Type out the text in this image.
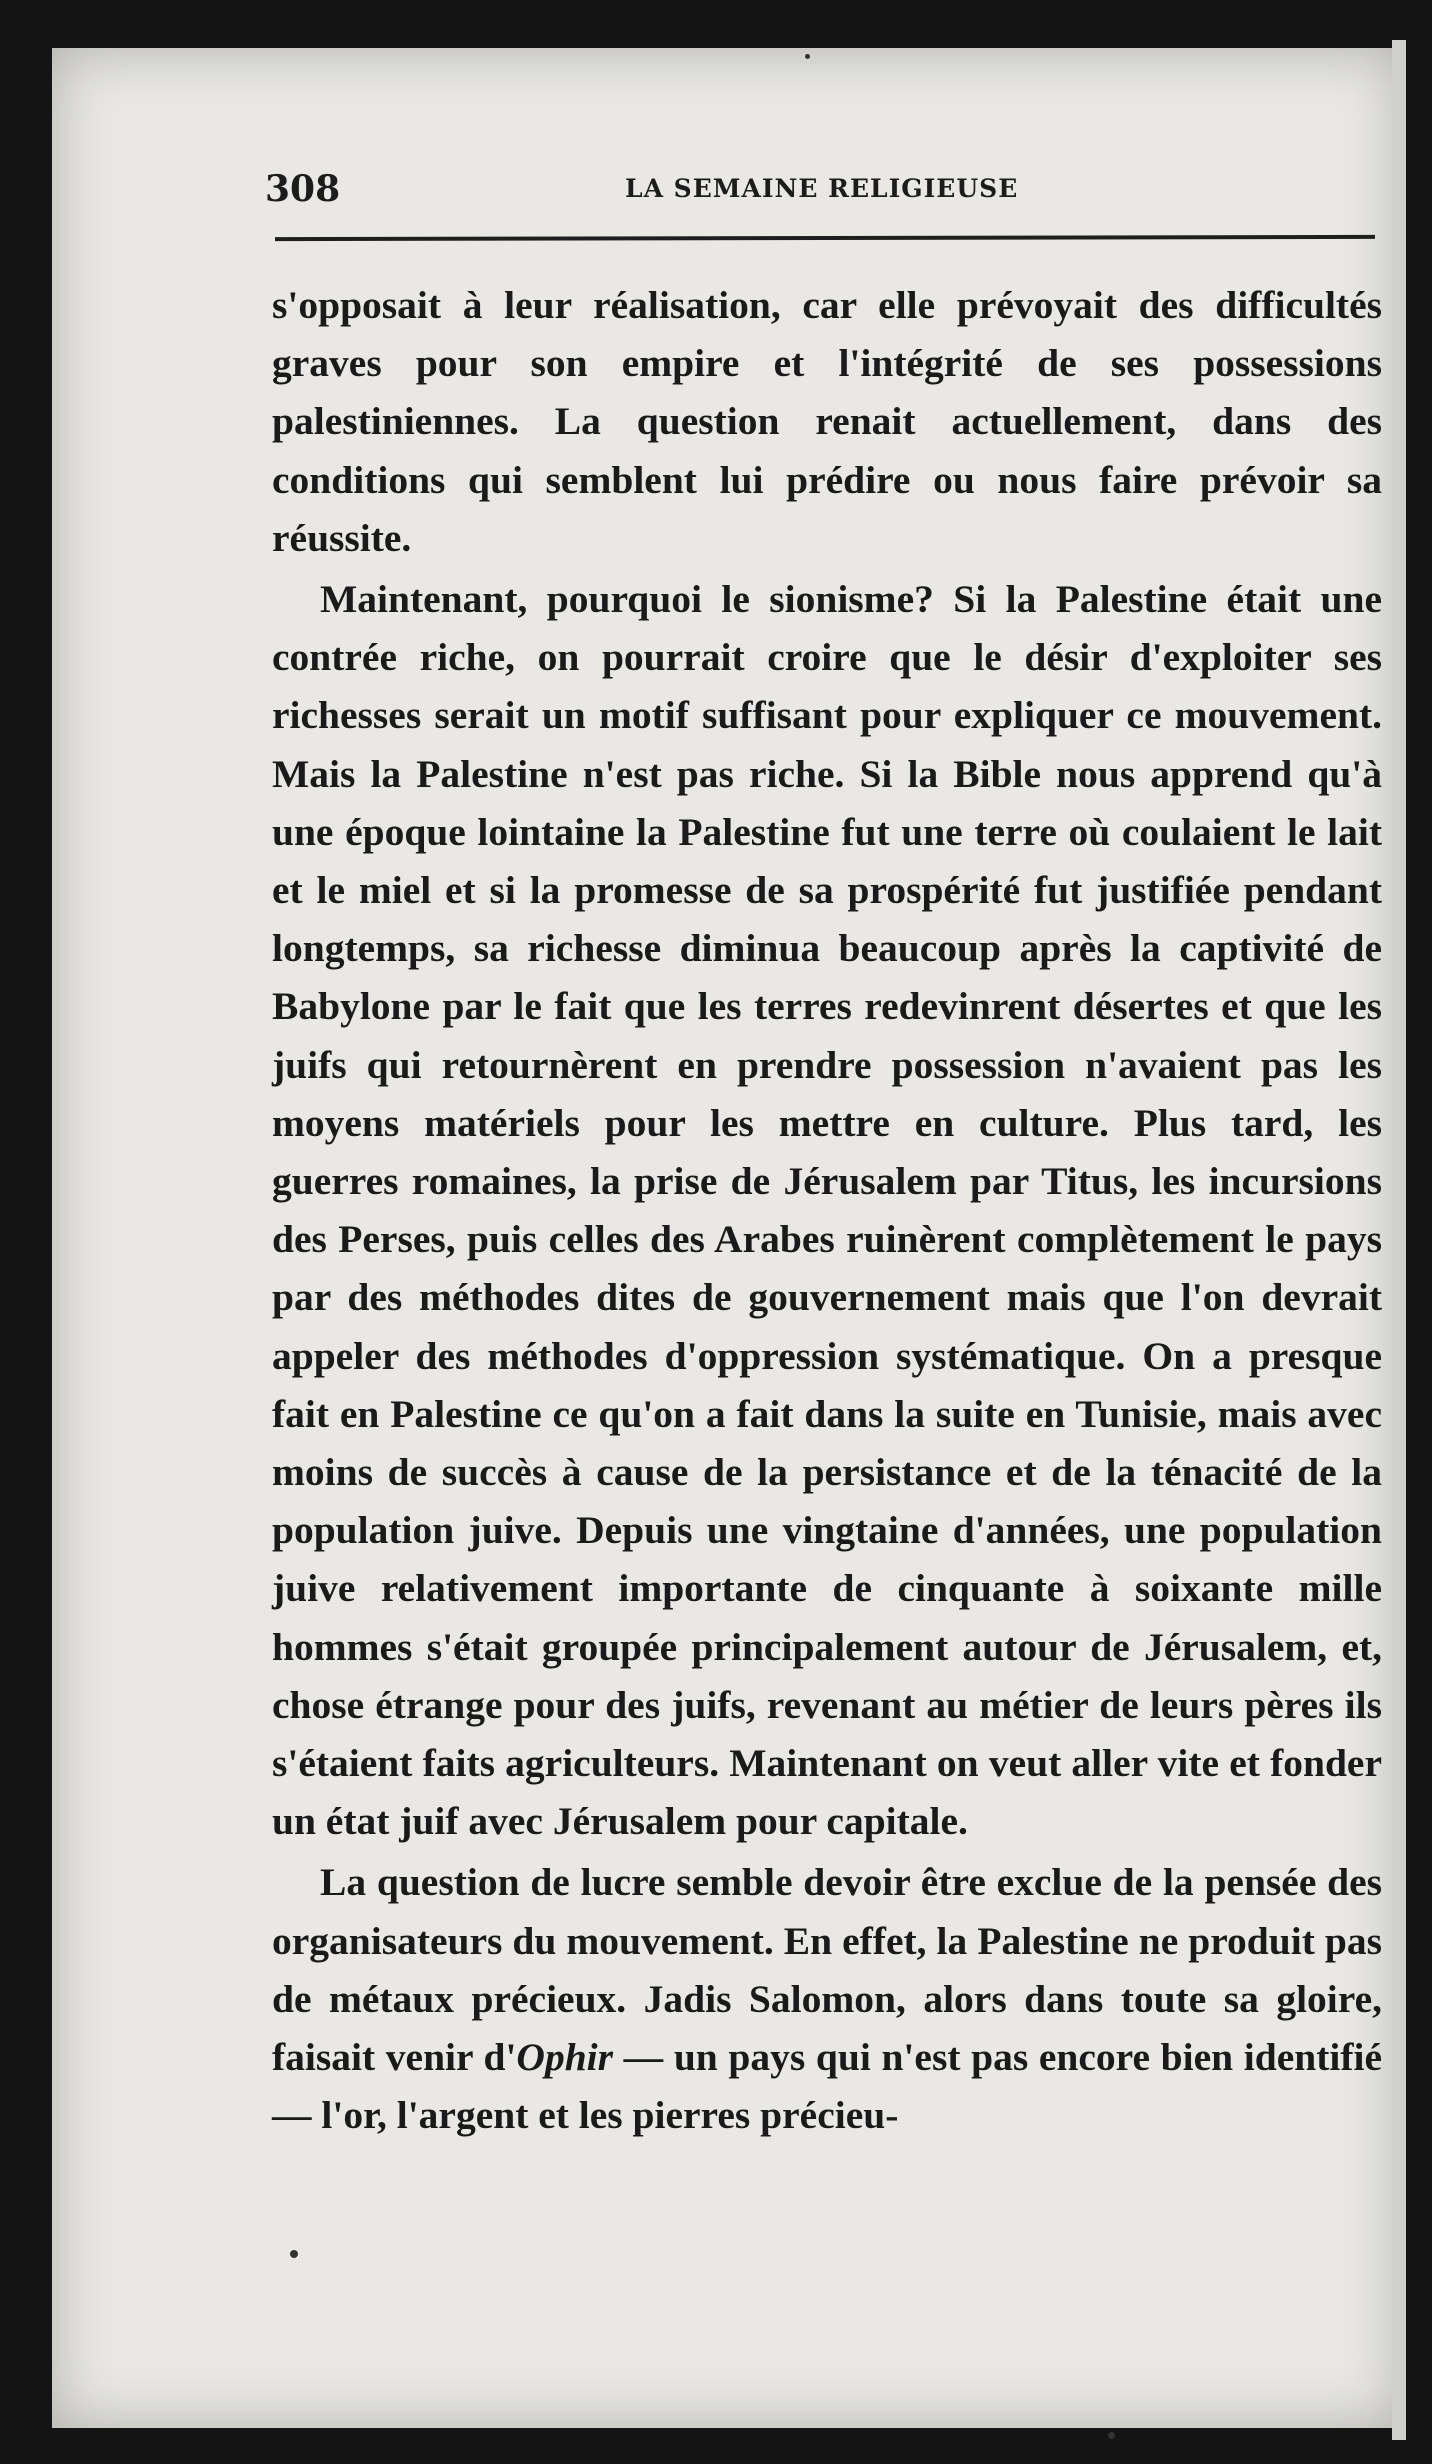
308	LA SEMAINE RELIGIEUSE

s'opposait à leur réalisation, car elle prévoyait des difficultés graves pour son empire et l'intégrité de ses possessions palestiniennes. La question renait actuellement, dans des conditions qui semblent lui prédire ou nous faire prévoir sa réussite.

Maintenant, pourquoi le sionisme? Si la Palestine était une contrée riche, on pourrait croire que le désir d'exploiter ses richesses serait un motif suffisant pour expliquer ce mouvement. Mais la Palestine n'est pas riche. Si la Bible nous apprend qu'à une époque lointaine la Palestine fut une terre où coulaient le lait et le miel et si la promesse de sa prospérité fut justifiée pendant longtemps, sa richesse diminua beaucoup après la captivité de Babylone par le fait que les terres redevinrent désertes et que les juifs qui retournèrent en prendre possession n'avaient pas les moyens matériels pour les mettre en culture. Plus tard, les guerres romaines, la prise de Jérusalem par Titus, les incursions des Perses, puis celles des Arabes ruinèrent complètement le pays par des méthodes dites de gouvernement mais que l'on devrait appeler des méthodes d'oppression systématique. On a presque fait en Palestine ce qu'on a fait dans la suite en Tunisie, mais avec moins de succès à cause de la persistance et de la ténacité de la population juive. Depuis une vingtaine d'années, une population juive relativement importante de cinquante à soixante mille hommes s'était groupée principalement autour de Jérusalem, et, chose étrange pour des juifs, revenant au métier de leurs pères ils s'étaient faits agriculteurs. Maintenant on veut aller vite et fonder un état juif avec Jérusalem pour capitale.

La question de lucre semble devoir être exclue de la pensée des organisateurs du mouvement. En effet, la Palestine ne produit pas de métaux précieux. Jadis Salomon, alors dans toute sa gloire, faisait venir d'Ophir — un pays qui n'est pas encore bien identifié — l'or, l'argent et les pierres précieu-
